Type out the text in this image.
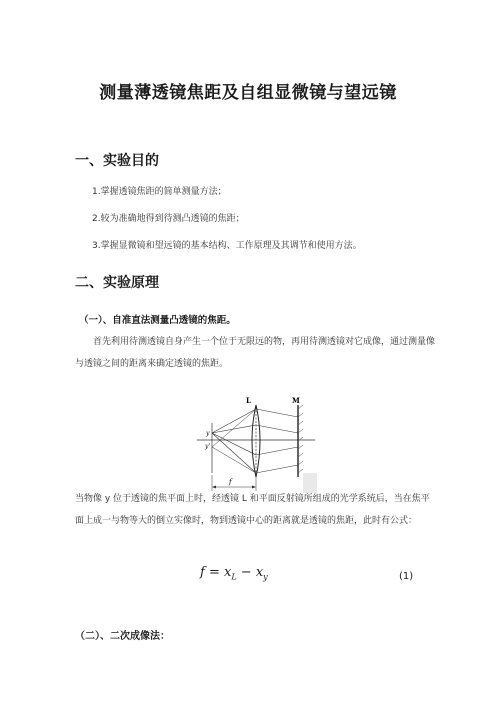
测量薄透镜焦距及自组显微镜与望远镜
一、实验目的
1.掌握透镜焦距的简单测量方法；
2.较为准确地得到待测凸透镜的焦距；
3.掌握显微镜和望远镜的基本结构、工作原理及其调节和使用方法。
二、实验原理
（一）、自准直法测量凸透镜的焦距。
首先利用待测透镜自身产生一个位于无限远的物，再用待测透镜对它成像，通过测量像与透镜之间的距离来确定透镜的焦距。
L	M
y
y'
f
当物像 y 位于透镜的焦平面上时，经透镜 L 和平面反射镜所组成的光学系统后，当在焦平面上成一与物等大的倒立实像时，物到透镜中心的距离就是透镜的焦距，此时有公式：
$f = x_L - x_y$	(1)
（二）、二次成像法：
